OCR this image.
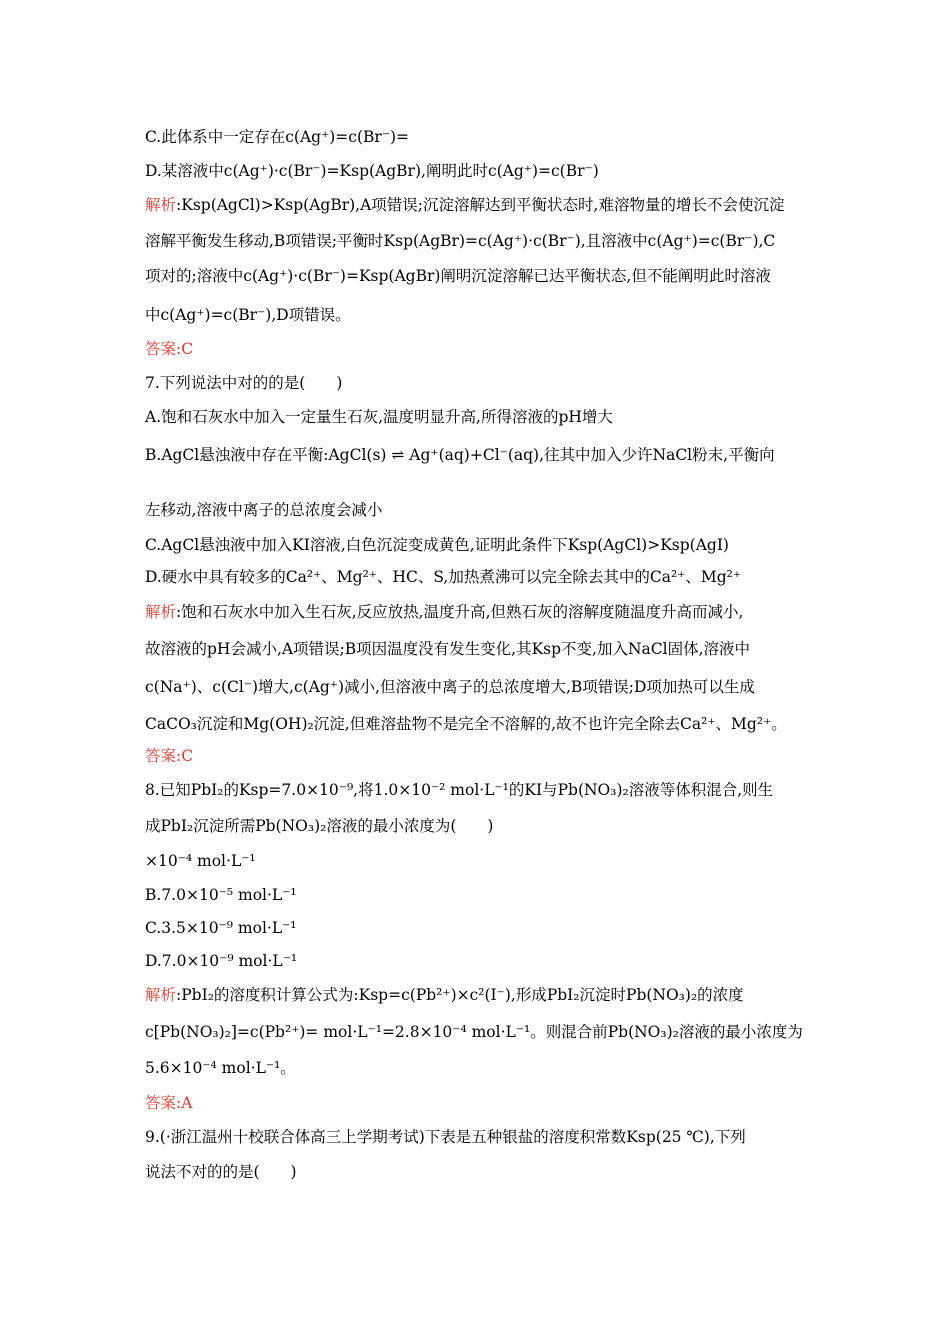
C.此体系中一定存在c(Ag⁺)=c(Br⁻)=
D.某溶液中c(Ag⁺)·c(Br⁻)=Ksp(AgBr),阐明此时c(Ag⁺)=c(Br⁻)
解析:Ksp(AgCl)>Ksp(AgBr),A项错误;沉淀溶解达到平衡状态时,难溶物量的增长不会使沉淀
溶解平衡发生移动,B项错误;平衡时Ksp(AgBr)=c(Ag⁺)·c(Br⁻),且溶液中c(Ag⁺)=c(Br⁻),C
项对的;溶液中c(Ag⁺)·c(Br⁻)=Ksp(AgBr)阐明沉淀溶解已达平衡状态,但不能阐明此时溶液
中c(Ag⁺)=c(Br⁻),D项错误。
答案:C
7.下列说法中对的的是(　　)
A.饱和石灰水中加入一定量生石灰,温度明显升高,所得溶液的pH增大
B.AgCl悬浊液中存在平衡:AgCl(s) ⇌ Ag⁺(aq)+Cl⁻(aq),往其中加入少许NaCl粉末,平衡向
左移动,溶液中离子的总浓度会减小
C.AgCl悬浊液中加入KI溶液,白色沉淀变成黄色,证明此条件下Ksp(AgCl)>Ksp(AgI)
D.硬水中具有较多的Ca²⁺、Mg²⁺、HC、S,加热煮沸可以完全除去其中的Ca²⁺、Mg²⁺
解析:饱和石灰水中加入生石灰,反应放热,温度升高,但熟石灰的溶解度随温度升高而减小,
故溶液的pH会减小,A项错误;B项因温度没有发生变化,其Ksp不变,加入NaCl固体,溶液中
c(Na⁺)、c(Cl⁻)增大,c(Ag⁺)减小,但溶液中离子的总浓度增大,B项错误;D项加热可以生成
CaCO₃沉淀和Mg(OH)₂沉淀,但难溶盐物不是完全不溶解的,故不也许完全除去Ca²⁺、Mg²⁺。
答案:C
8.已知PbI₂的Ksp=7.0×10⁻⁹,将1.0×10⁻² mol·L⁻¹的KI与Pb(NO₃)₂溶液等体积混合,则生
成PbI₂沉淀所需Pb(NO₃)₂溶液的最小浓度为(　　)
×10⁻⁴ mol·L⁻¹
B.7.0×10⁻⁵ mol·L⁻¹
C.3.5×10⁻⁹ mol·L⁻¹
D.7.0×10⁻⁹ mol·L⁻¹
解析:PbI₂的溶度积计算公式为:Ksp=c(Pb²⁺)×c²(I⁻),形成PbI₂沉淀时Pb(NO₃)₂的浓度
c[Pb(NO₃)₂]=c(Pb²⁺)= mol·L⁻¹=2.8×10⁻⁴ mol·L⁻¹。则混合前Pb(NO₃)₂溶液的最小浓度为
5.6×10⁻⁴ mol·L⁻¹。
答案:A
9.(·浙江温州十校联合体高三上学期考试)下表是五种银盐的溶度积常数Ksp(25 ℃),下列
说法不对的的是(　　)
